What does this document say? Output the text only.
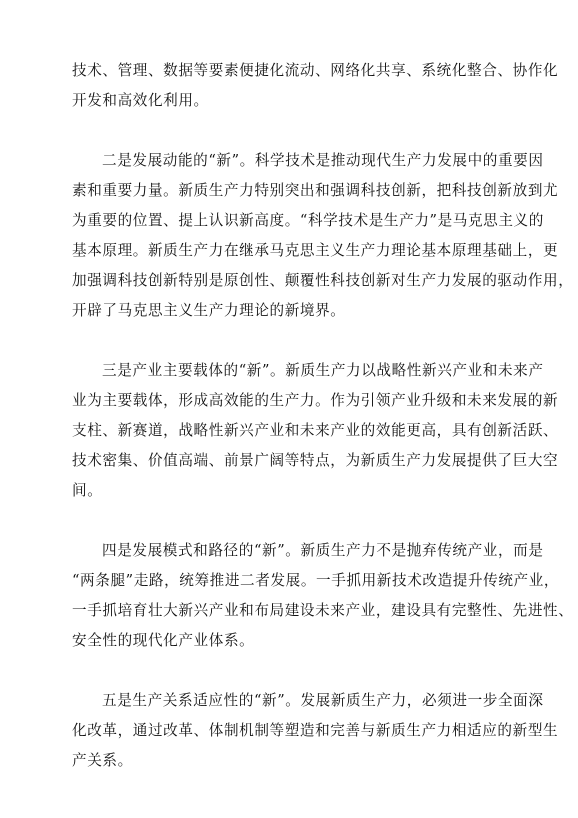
技术、管理、数据等要素便捷化流动、网络化共享、系统化整合、协作化
开发和高效化利用。
二是发展动能的“新”。科学技术是推动现代生产力发展中的重要因
素和重要力量。新质生产力特别突出和强调科技创新，把科技创新放到尤
为重要的位置、提上认识新高度。“科学技术是生产力”是马克思主义的
基本原理。新质生产力在继承马克思主义生产力理论基本原理基础上，更
加强调科技创新特别是原创性、颠覆性科技创新对生产力发展的驱动作用，
开辟了马克思主义生产力理论的新境界。
三是产业主要载体的“新”。新质生产力以战略性新兴产业和未来产
业为主要载体，形成高效能的生产力。作为引领产业升级和未来发展的新
支柱、新赛道，战略性新兴产业和未来产业的效能更高，具有创新活跃、
技术密集、价值高端、前景广阔等特点，为新质生产力发展提供了巨大空
间。
四是发展模式和路径的“新”。新质生产力不是抛弃传统产业，而是
“两条腿”走路，统筹推进二者发展。一手抓用新技术改造提升传统产业，
一手抓培育壮大新兴产业和布局建设未来产业，建设具有完整性、先进性、
安全性的现代化产业体系。
五是生产关系适应性的“新”。发展新质生产力，必须进一步全面深
化改革，通过改革、体制机制等塑造和完善与新质生产力相适应的新型生
产关系。
